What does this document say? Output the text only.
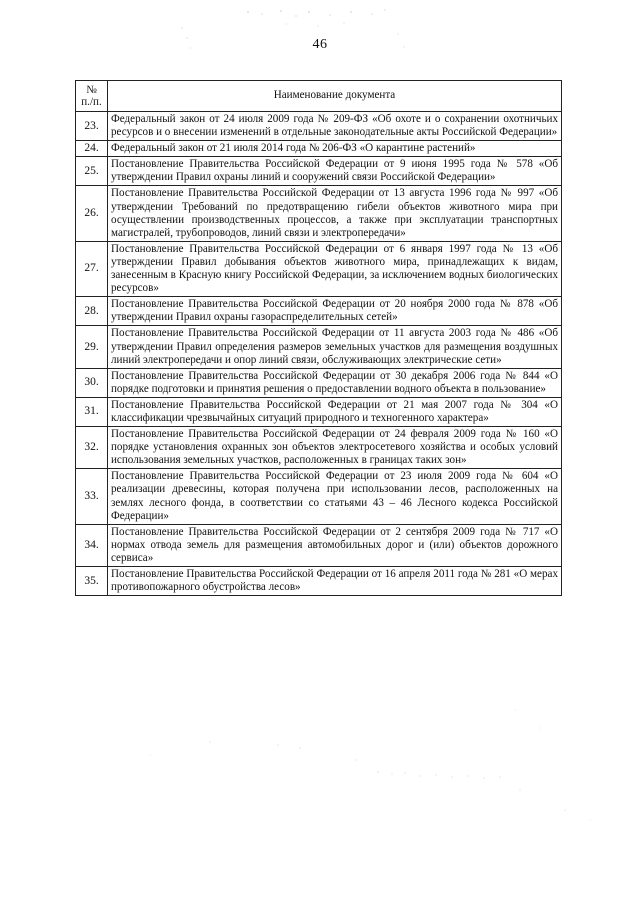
46
№
п./п.	Наименование документа
23.	Федеральный закон от 24 июля 2009 года № 209-ФЗ «Об охоте и о сохранении охотничьих ресурсов и о внесении изменений в отдельные законодательные акты Российской Федерации»
24.	Федеральный закон от 21 июля 2014 года № 206-ФЗ «О карантине растений»
25.	Постановление Правительства Российской Федерации от 9 июня 1995 года № 578 «Об утверждении Правил охраны линий и сооружений связи Российской Федерации»
26.	Постановление Правительства Российской Федерации от 13 августа 1996 года № 997 «Об утверждении Требований по предотвращению гибели объектов животного мира при осуществлении производственных процессов, а также при эксплуатации транспортных магистралей, трубопроводов, линий связи и электропередачи»
27.	Постановление Правительства Российской Федерации от 6 января 1997 года № 13 «Об утверждении Правил добывания объектов животного мира, принадлежащих к видам, занесенным в Красную книгу Российской Федерации, за исключением водных биологических ресурсов»
28.	Постановление Правительства Российской Федерации от 20 ноября 2000 года № 878 «Об утверждении Правил охраны газораспределительных сетей»
29.	Постановление Правительства Российской Федерации от 11 августа 2003 года № 486 «Об утверждении Правил определения размеров земельных участков для размещения воздушных линий электропередачи и опор линий связи, обслуживающих электрические сети»
30.	Постановление Правительства Российской Федерации от 30 декабря 2006 года № 844 «О порядке подготовки и принятия решения о предоставлении водного объекта в пользование»
31.	Постановление Правительства Российской Федерации от 21 мая 2007 года № 304 «О классификации чрезвычайных ситуаций природного и техногенного характера»
32.	Постановление Правительства Российской Федерации от 24 февраля 2009 года № 160 «О порядке установления охранных зон объектов электросетевого хозяйства и особых условий использования земельных участков, расположенных в границах таких зон»
33.	Постановление Правительства Российской Федерации от 23 июля 2009 года № 604 «О реализации древесины, которая получена при использовании лесов, расположенных на землях лесного фонда, в соответствии со статьями 43 – 46 Лесного кодекса Российской Федерации»
34.	Постановление Правительства Российской Федерации от 2 сентября 2009 года № 717 «О нормах отвода земель для размещения автомобильных дорог и (или) объектов дорожного сервиса»
35.	Постановление Правительства Российской Федерации от 16 апреля 2011 года № 281 «О мерах противопожарного обустройства лесов»
